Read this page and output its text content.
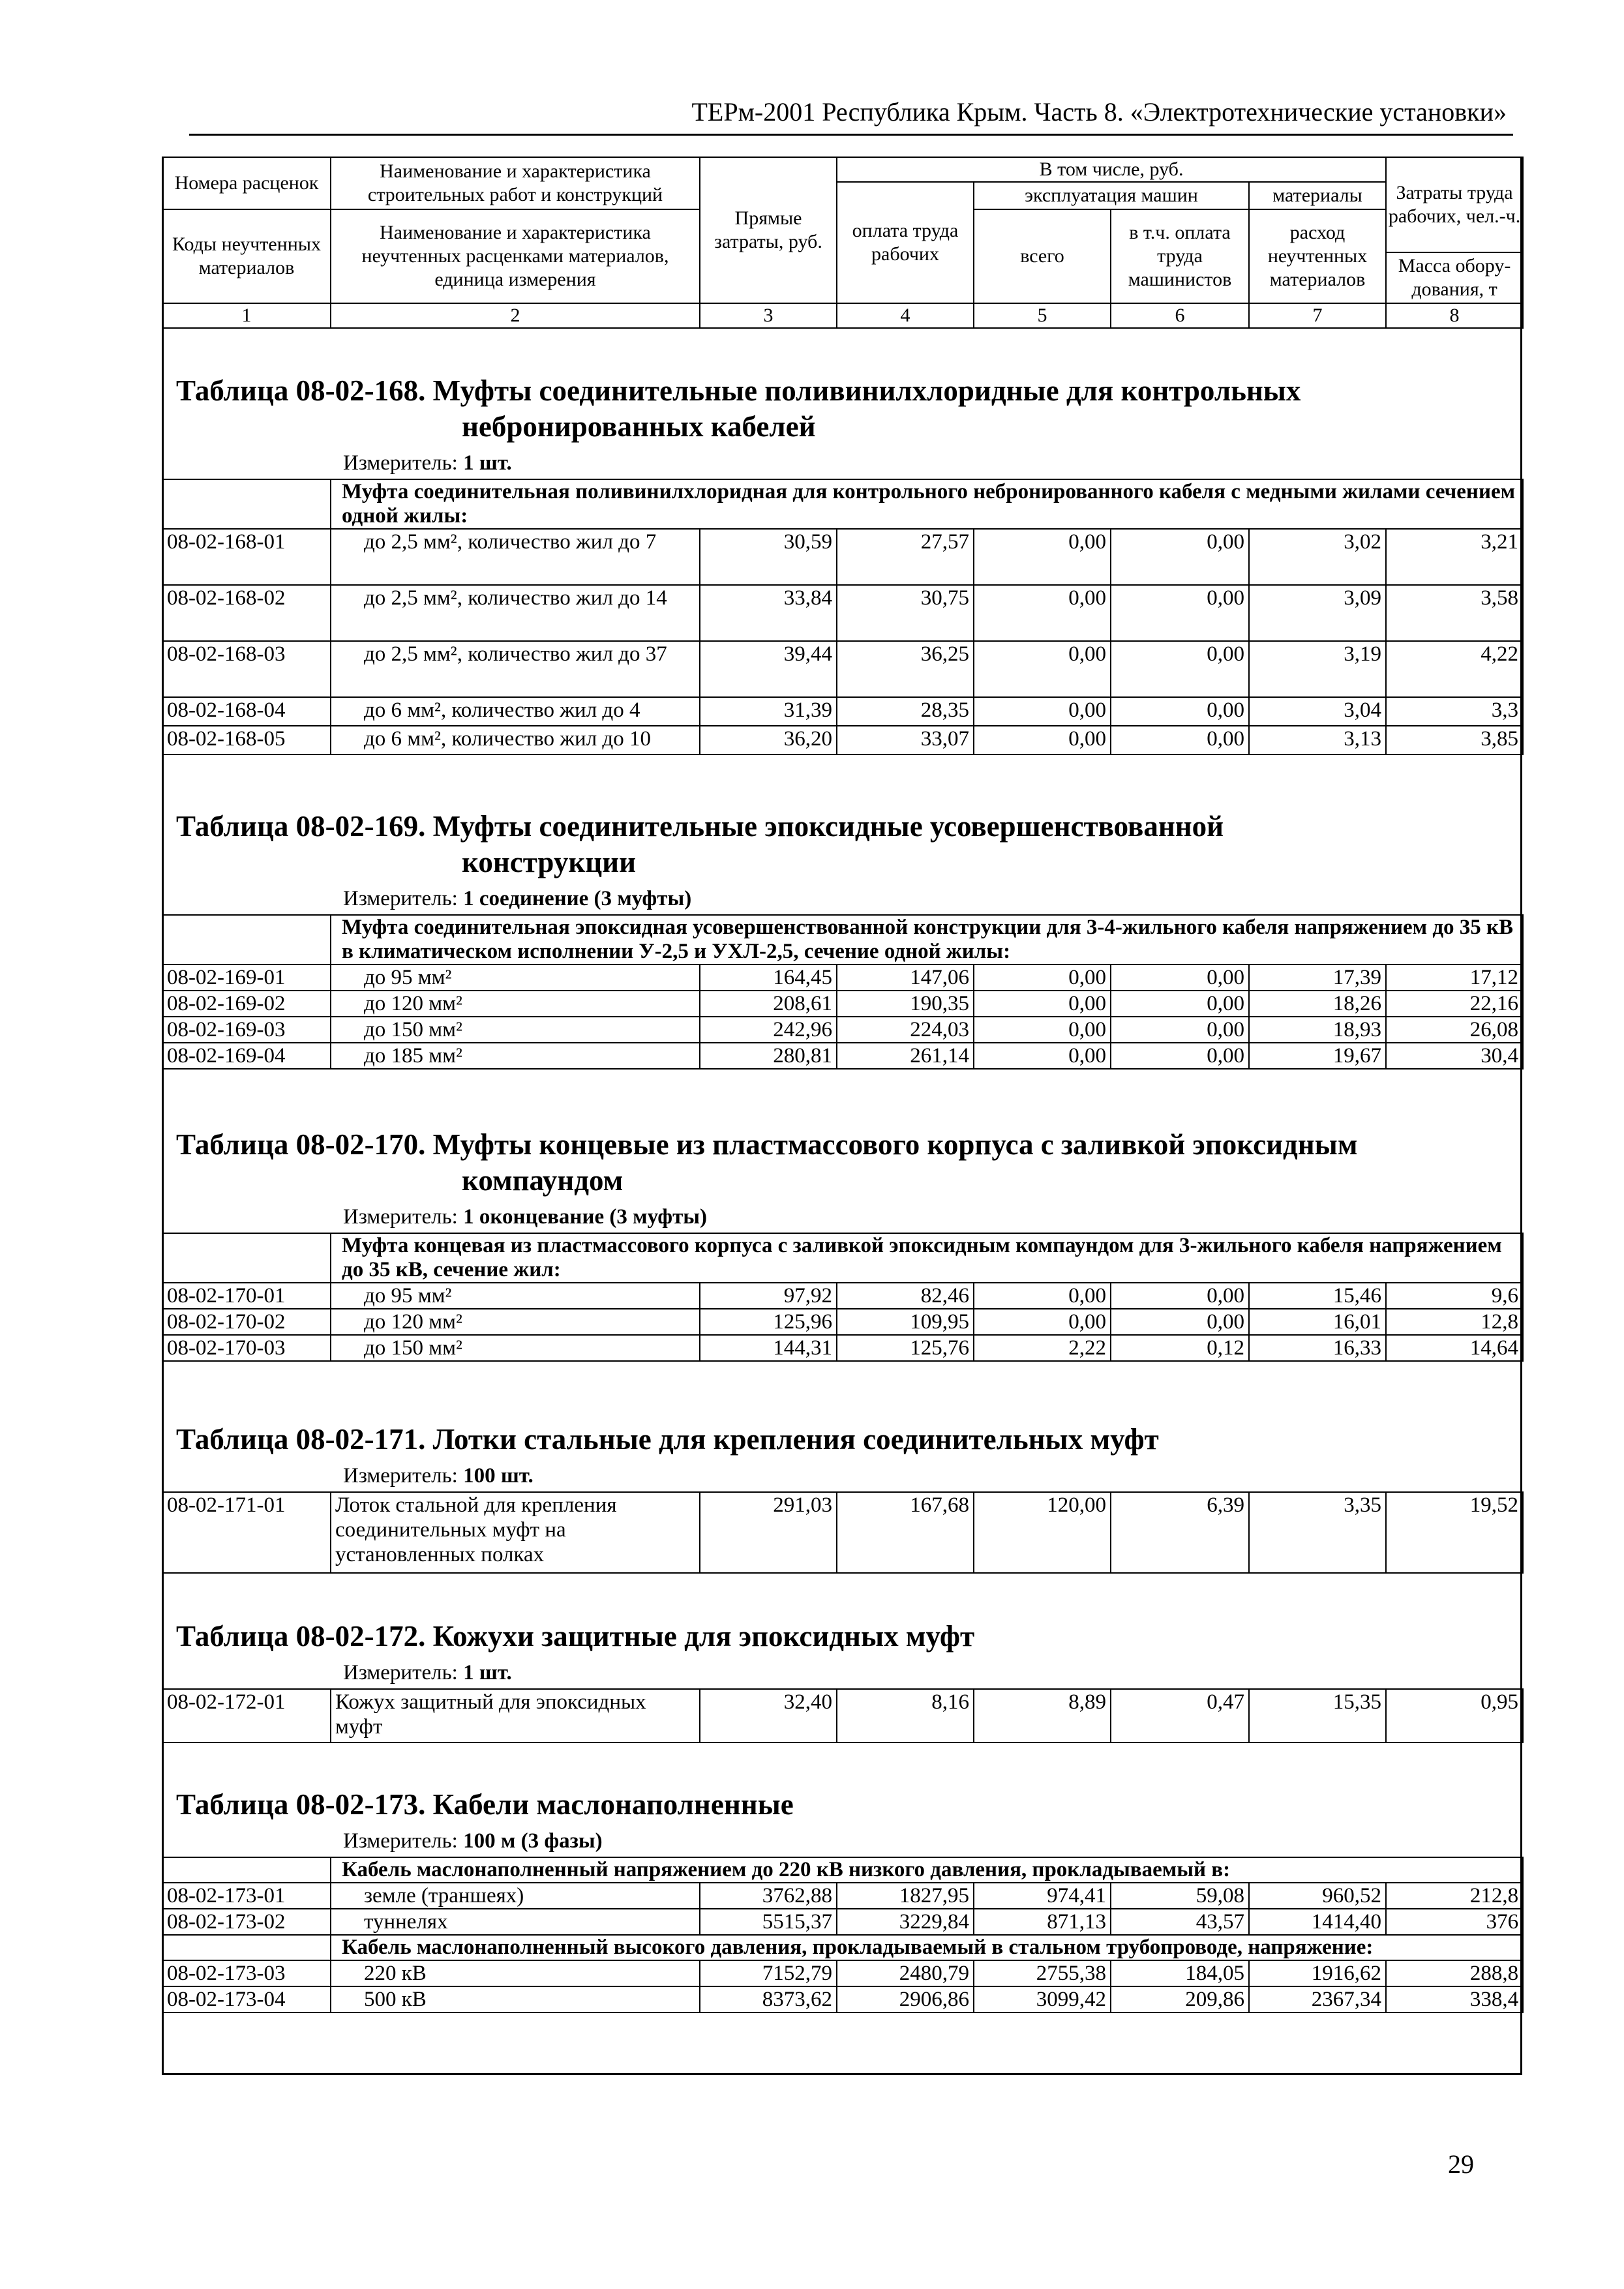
ТЕРм-2001 Республика Крым. Часть 8. «Электротехнические установки»
Номера расценок	Наименование и характеристика строительных работ и конструкций	Прямые затраты, руб.	В том числе, руб.				Затраты труда рабочих, чел.-ч.
			оплата труда рабочих	эксплуатация машин		материалы	
Коды неучтенных материалов	Наименование и характеристика неучтенных расценками материалов, единица измерения			всего	в т.ч. оплата труда машинистов	расход неучтенных материалов	
							Масса обору-дования, т
1	2	3	4	5	6	7	8
Таблица 08-02-168. Муфты соединительные поливинилхлоридные для контрольных
небронированных кабелей
Измеритель: 1 шт.
	Муфта соединительная поливинилхлоридная для контрольного небронированного кабеля с медными жилами сечением одной жилы:						
08-02-168-01	до 2,5 мм², количество жил до 7	30,59	27,57	0,00	0,00	3,02	3,21
08-02-168-02	до 2,5 мм², количество жил до 14	33,84	30,75	0,00	0,00	3,09	3,58
08-02-168-03	до 2,5 мм², количество жил до 37	39,44	36,25	0,00	0,00	3,19	4,22
08-02-168-04	до 6 мм², количество жил до 4	31,39	28,35	0,00	0,00	3,04	3,3
08-02-168-05	до 6 мм², количество жил до 10	36,20	33,07	0,00	0,00	3,13	3,85
Таблица 08-02-169. Муфты соединительные эпоксидные усовершенствованной
конструкции
Измеритель: 1 соединение (3 муфты)
	Муфта соединительная эпоксидная усовершенствованной конструкции для 3-4-жильного кабеля напряжением до 35 кВ в климатическом исполнении У-2,5 и УХЛ-2,5, сечение одной жилы:						
08-02-169-01	до 95 мм²	164,45	147,06	0,00	0,00	17,39	17,12
08-02-169-02	до 120 мм²	208,61	190,35	0,00	0,00	18,26	22,16
08-02-169-03	до 150 мм²	242,96	224,03	0,00	0,00	18,93	26,08
08-02-169-04	до 185 мм²	280,81	261,14	0,00	0,00	19,67	30,4
Таблица 08-02-170. Муфты концевые из пластмассового корпуса с заливкой эпоксидным
компаундом
Измеритель: 1 оконцевание (3 муфты)
	Муфта концевая из пластмассового корпуса с заливкой эпоксидным компаундом для 3-жильного кабеля напряжением до 35 кВ, сечение жил:						
08-02-170-01	до 95 мм²	97,92	82,46	0,00	0,00	15,46	9,6
08-02-170-02	до 120 мм²	125,96	109,95	0,00	0,00	16,01	12,8
08-02-170-03	до 150 мм²	144,31	125,76	2,22	0,12	16,33	14,64
Таблица 08-02-171. Лотки стальные для крепления соединительных муфт
Измеритель: 100 шт.
08-02-171-01	Лоток стальной для крепления соединительных муфт на установленных полках	291,03	167,68	120,00	6,39	3,35	19,52
Таблица 08-02-172. Кожухи защитные для эпоксидных муфт
Измеритель: 1 шт.
08-02-172-01	Кожух защитный для эпоксидных муфт	32,40	8,16	8,89	0,47	15,35	0,95
Таблица 08-02-173. Кабели маслонаполненные
Измеритель: 100 м (3 фазы)
	Кабель маслонаполненный напряжением до 220 кВ низкого давления, прокладываемый в:						
08-02-173-01	земле (траншеях)	3762,88	1827,95	974,41	59,08	960,52	212,8
08-02-173-02	туннелях	5515,37	3229,84	871,13	43,57	1414,40	376
	Кабель маслонаполненный высокого давления, прокладываемый в стальном трубопроводе, напряжение:						
08-02-173-03	220 кВ	7152,79	2480,79	2755,38	184,05	1916,62	288,8
08-02-173-04	500 кВ	8373,62	2906,86	3099,42	209,86	2367,34	338,4
29
